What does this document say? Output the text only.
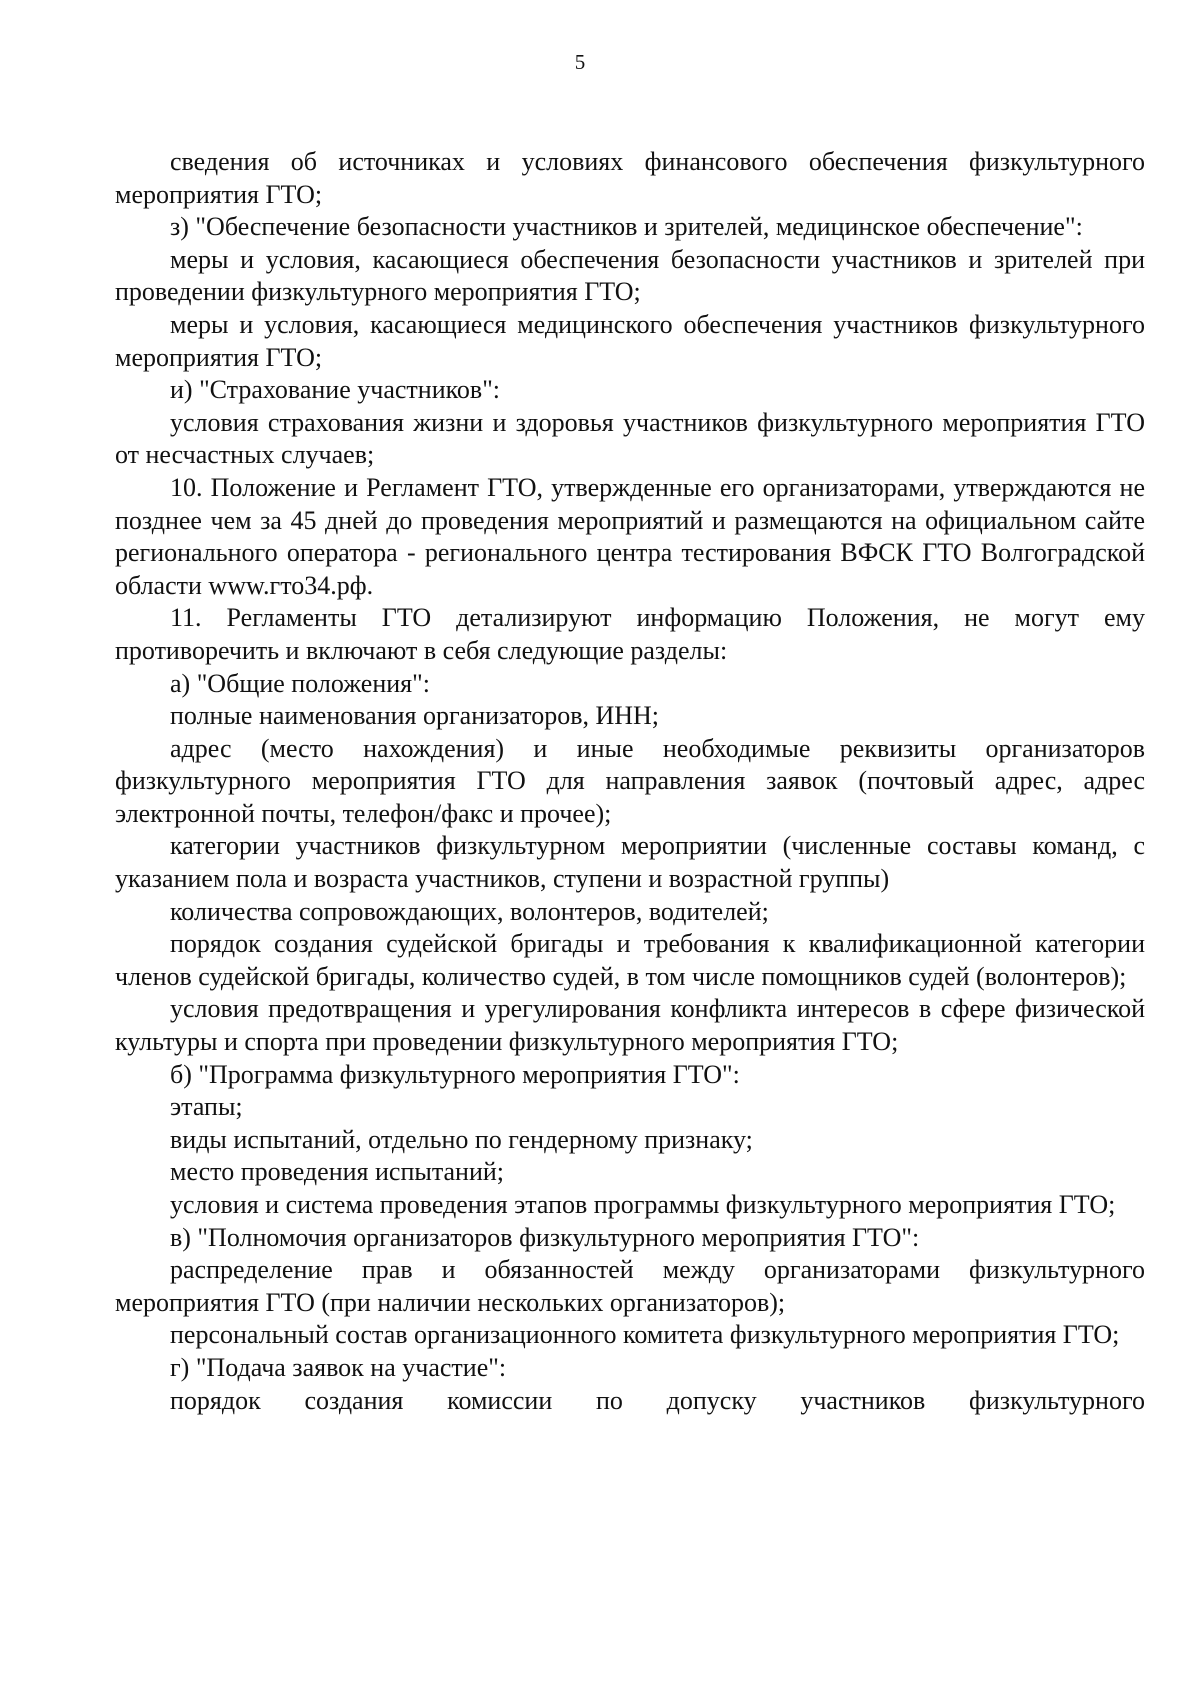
5

сведения об источниках и условиях финансового обеспечения физкультурного мероприятия ГТО;

з) "Обеспечение безопасности участников и зрителей, медицинское обеспечение":

меры и условия, касающиеся обеспечения безопасности участников и зрителей при проведении физкультурного мероприятия ГТО;

меры и условия, касающиеся медицинского обеспечения участников физкультурного мероприятия ГТО;

и) "Страхование участников":

условия страхования жизни и здоровья участников физкультурного мероприятия ГТО от несчастных случаев;

10. Положение и Регламент ГТО, утвержденные его организаторами, утверждаются не позднее чем за 45 дней до проведения мероприятий и размещаются на официальном сайте регионального оператора - регионального центра тестирования ВФСК ГТО Волгоградской области www.гто34.рф.

11. Регламенты ГТО детализируют информацию Положения, не могут ему противоречить и включают в себя следующие разделы:

а) "Общие положения":

полные наименования организаторов, ИНН;

адрес (место нахождения) и иные необходимые реквизиты организаторов физкультурного мероприятия ГТО для направления заявок (почтовый адрес, адрес электронной почты, телефон/факс и прочее);

категории участников физкультурном мероприятии (численные составы команд, с указанием пола и возраста участников, ступени и возрастной группы)

количества сопровождающих, волонтеров, водителей;

порядок создания судейской бригады и требования к квалификационной категории членов судейской бригады, количество судей, в том числе помощников судей (волонтеров);

условия предотвращения и урегулирования конфликта интересов в сфере физической культуры и спорта при проведении физкультурного мероприятия ГТО;

б) "Программа физкультурного мероприятия ГТО":

этапы;

виды испытаний, отдельно по гендерному признаку;

место проведения испытаний;

условия и система проведения этапов программы физкультурного мероприятия ГТО;

в) "Полномочия организаторов физкультурного мероприятия ГТО":

распределение прав и обязанностей между организаторами физкультурного мероприятия ГТО (при наличии нескольких организаторов);

персональный состав организационного комитета физкультурного мероприятия ГТО;

г) "Подача заявок на участие":

порядок создания комиссии по допуску участников физкультурного
